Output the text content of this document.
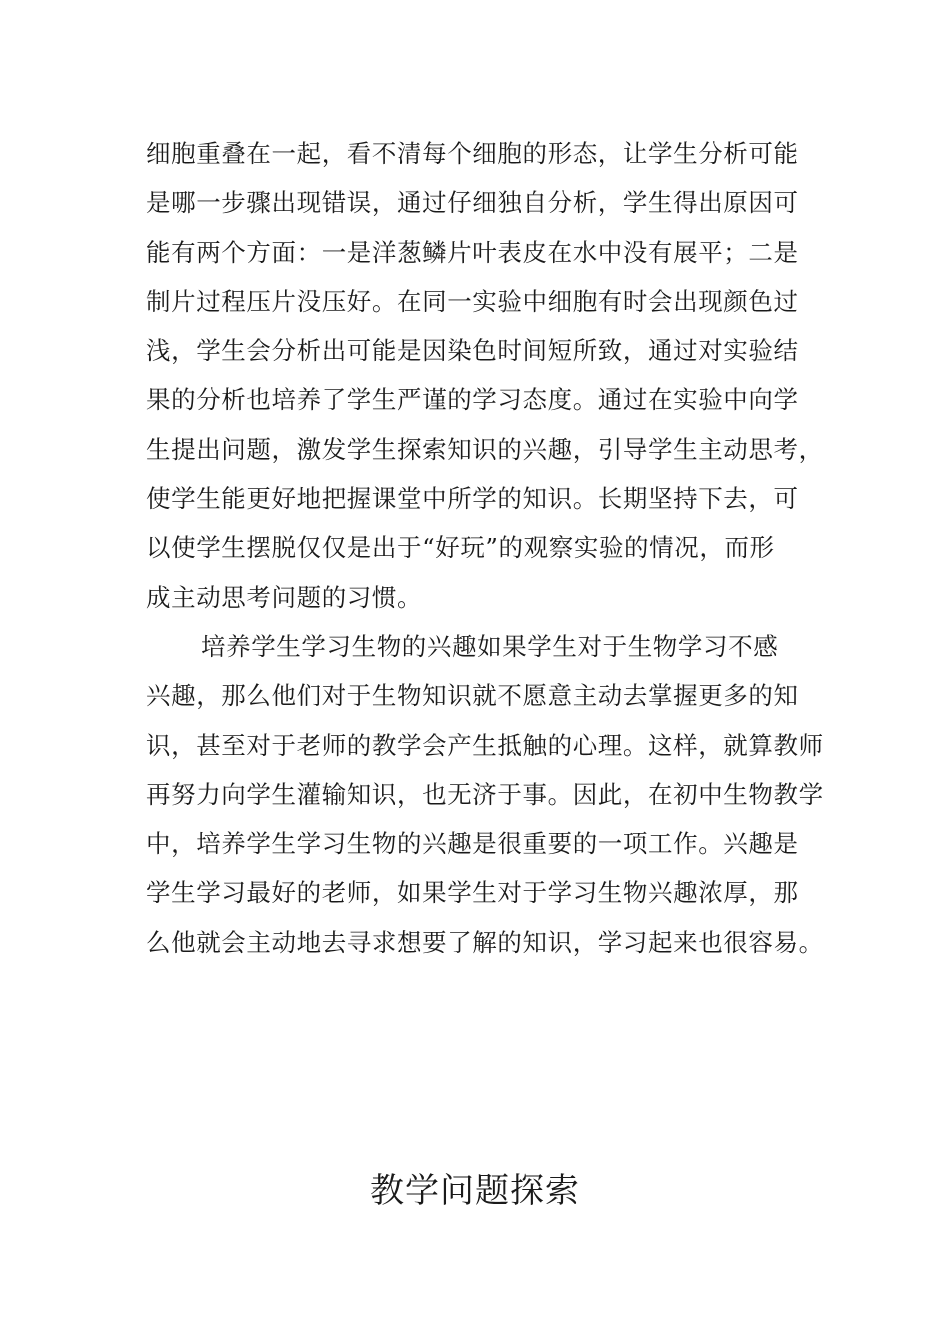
细胞重叠在一起，看不清每个细胞的形态，让学生分析可能
是哪一步骤出现错误，通过仔细独自分析，学生得出原因可
能有两个方面：一是洋葱鳞片叶表皮在水中没有展平；二是
制片过程压片没压好。在同一实验中细胞有时会出现颜色过
浅，学生会分析出可能是因染色时间短所致，通过对实验结
果的分析也培养了学生严谨的学习态度。通过在实验中向学
生提出问题，激发学生探索知识的兴趣，引导学生主动思考，
使学生能更好地把握课堂中所学的知识。长期坚持下去，可
以使学生摆脱仅仅是出于“好玩”的观察实验的情况，而形
成主动思考问题的习惯。
培养学生学习生物的兴趣如果学生对于生物学习不感
兴趣，那么他们对于生物知识就不愿意主动去掌握更多的知
识，甚至对于老师的教学会产生抵触的心理。这样，就算教师
再努力向学生灌输知识，也无济于事。因此，在初中生物教学
中，培养学生学习生物的兴趣是很重要的一项工作。兴趣是
学生学习最好的老师，如果学生对于学习生物兴趣浓厚，那
么他就会主动地去寻求想要了解的知识，学习起来也很容易。
教学问题探索
